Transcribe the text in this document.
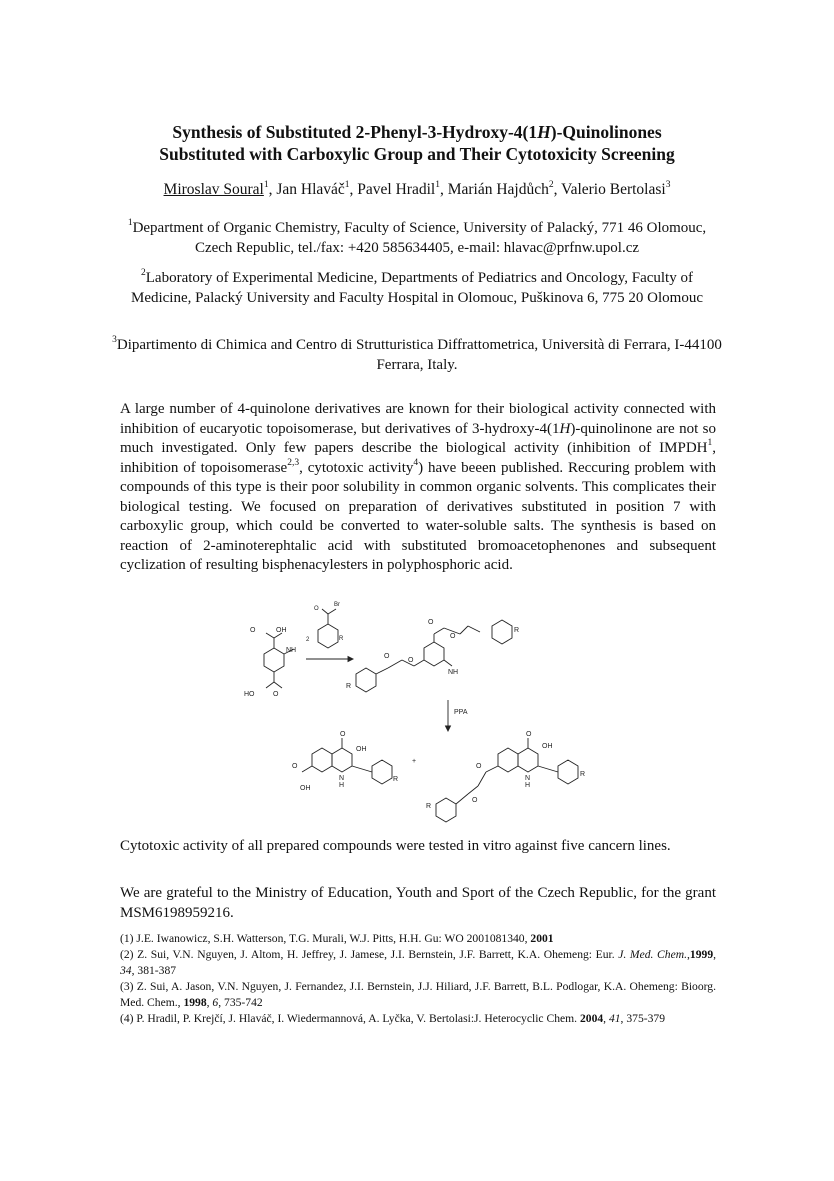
Synthesis of Substituted 2-Phenyl-3-Hydroxy-4(1H)-Quinolinones
Substituted with Carboxylic Group and Their Cytotoxicity Screening
Miroslav Soural$^1$, Jan Hlaváč$^1$, Pavel Hradil$^1$, Marián Hajdůch$^2$, Valerio Bertolasi$^3$
$^1$Department of Organic Chemistry, Faculty of Science, University of Palacký, 771 46 Olomouc, Czech Republic, tel./fax: +420 585634405, e-mail: hlavac@prfnw.upol.cz
$^2$Laboratory of Experimental Medicine, Departments of Pediatrics and Oncology, Faculty of Medicine, Palacký University and Faculty Hospital in Olomouc, Puškinova 6, 775 20 Olomouc
$^3$Dipartimento di Chimica and Centro di Strutturistica Diffrattometrica, Università di Ferrara, I-44100 Ferrara, Italy.
A large number of 4-quinolone derivatives are known for their biological activity connected with inhibition of eucaryotic topoisomerase, but derivatives of 3-hydroxy-4(1H)-quinolinone are not so much investigated. Only few papers describe the biological activity (inhibition of IMPDH$^1$, inhibition of topoisomerase$^{2,3}$, cytotoxic activity$^4$) have beeen published. Reccuring problem with compounds of this type is their poor solubility in common organic solvents. This complicates their biological testing. We focused on preparation of derivatives substituted in position 7 with carboxylic group, which could be converted to water-soluble salts. The synthesis is based on reaction of 2-aminoterephtalic acid with substituted bromoacetophenones and subsequent cyclization of resulting bisphenacylesters in polyphosphoric acid.
O	OH
NH
HO	O
Br
O
R
2
O
O
NH
R
O
O
R
PPA
O
OH
N
H
R
O
OH
+
O
OH
N
H
R
O
O
R
Cytotoxic activity of all prepared compounds were tested in vitro against five cancern lines.
We are grateful to the Ministry of Education, Youth and Sport of the Czech Republic, for the grant MSM6198959216.

(1) J.E. Iwanowicz, S.H. Watterson, T.G. Murali, W.J. Pitts, H.H. Gu: WO 2001081340, 2001

(2) Z. Sui, V.N. Nguyen, J. Altom, H. Jeffrey, J. Jamese, J.I. Bernstein, J.F. Barrett, K.A. Ohemeng: Eur. J. Med. Chem.,1999, 34, 381-387

(3) Z. Sui, A. Jason, V.N. Nguyen, J. Fernandez, J.I. Bernstein, J.J. Hiliard, J.F. Barrett, B.L. Podlogar, K.A. Ohemeng: Bioorg. Med. Chem., 1998, 6, 735-742

(4) P. Hradil, P. Krejčí, J. Hlaváč, I. Wiedermannová, A. Lyčka, V. Bertolasi:J. Heterocyclic Chem. 2004, 41, 375-379
